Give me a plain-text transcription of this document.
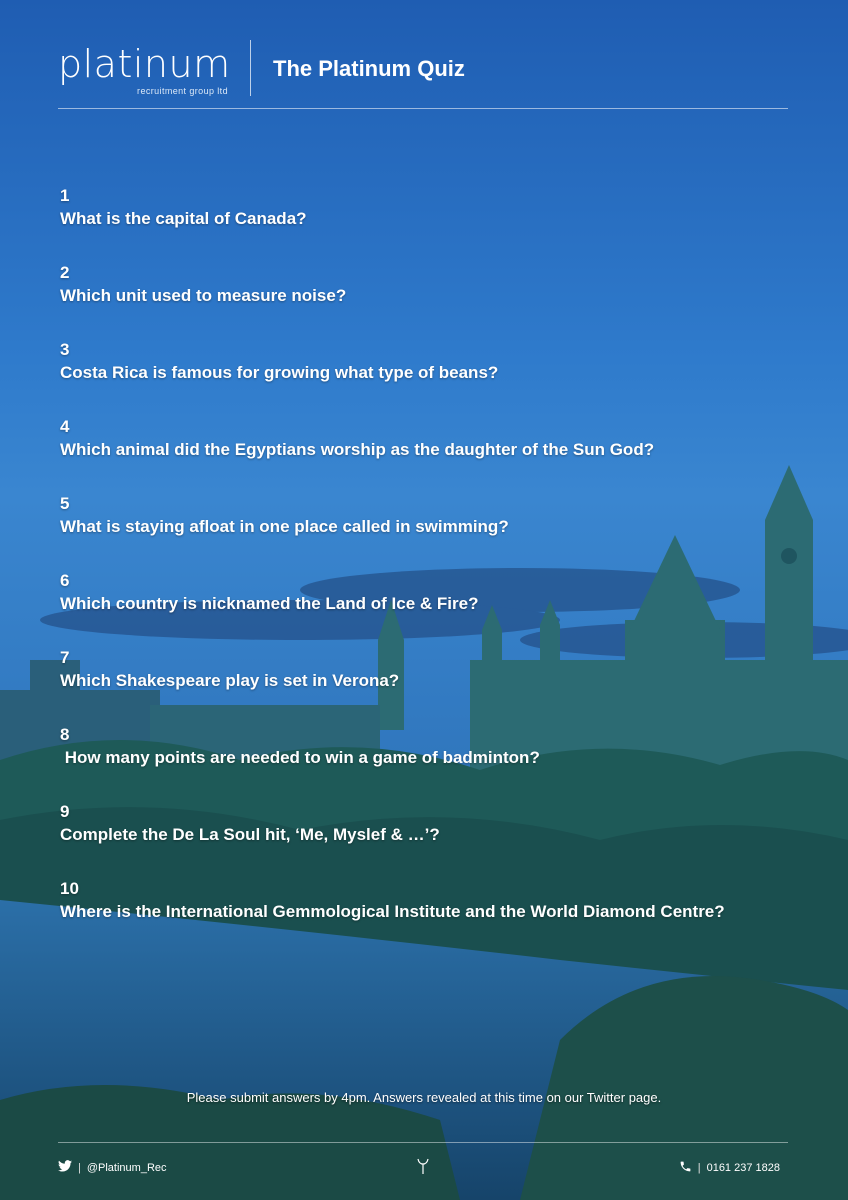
platinum
recruitment group ltd
The Platinum Quiz
1
What is the capital of Canada?
2
Which unit used to measure noise?
3
Costa Rica is famous for growing what type of beans?
4
Which animal did the Egyptians worship as the daughter of the Sun God?
5
What is staying afloat in one place called in swimming?
6
Which country is nicknamed the Land of Ice & Fire?
7
Which Shakespeare play is set in Verona?
8
How many points are needed to win a game of badminton?
9
Complete the De La Soul hit, ‘Me, Myslef & …’?
10
Where is the International Gemmological Institute and the World Diamond Centre?
Please submit answers by 4pm. Answers revealed at this time on our Twitter page.
| @Platinum_Rec	| 0161 237 1828
